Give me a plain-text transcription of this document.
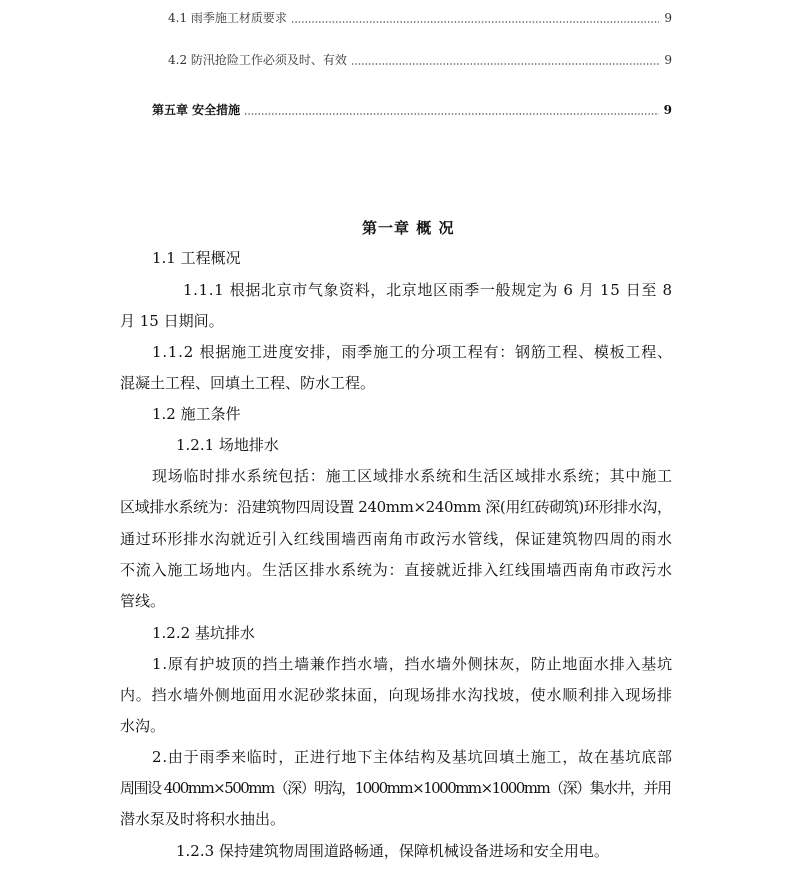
4.1 雨季施工材质要求	9
4.2 防汛抢险工作必须及时、有效	9
第五章 安全措施	9
第一章 概 况
1.1 工程概况
1.1.1 根据北京市气象资料，北京地区雨季一般规定为 6 月 15 日至 8
月 15 日期间。
1.1.2 根据施工进度安排，雨季施工的分项工程有：钢筋工程、模板工程、
混凝土工程、回填土工程、防水工程。
1.2 施工条件
1.2.1 场地排水
现场临时排水系统包括：施工区域排水系统和生活区域排水系统；其中施工
区域排水系统为：沿建筑物四周设置 240mm×240mm 深(用红砖砌筑)环形排水沟，
通过环形排水沟就近引入红线围墙西南角市政污水管线，保证建筑物四周的雨水
不流入施工场地内。生活区排水系统为：直接就近排入红线围墙西南角市政污水
管线。
1.2.2 基坑排水
1.原有护坡顶的挡土墙兼作挡水墙，挡水墙外侧抹灰，防止地面水排入基坑
内。挡水墙外侧地面用水泥砂浆抹面，向现场排水沟找坡，使水顺利排入现场排
水沟。
2.由于雨季来临时，正进行地下主体结构及基坑回填土施工，故在基坑底部
周围设 400mm×500mm（深）明沟，1000mm×1000mm×1000mm（深）集水井，并用
潜水泵及时将积水抽出。
1.2.3 保持建筑物周围道路畅通，保障机械设备进场和安全用电。
